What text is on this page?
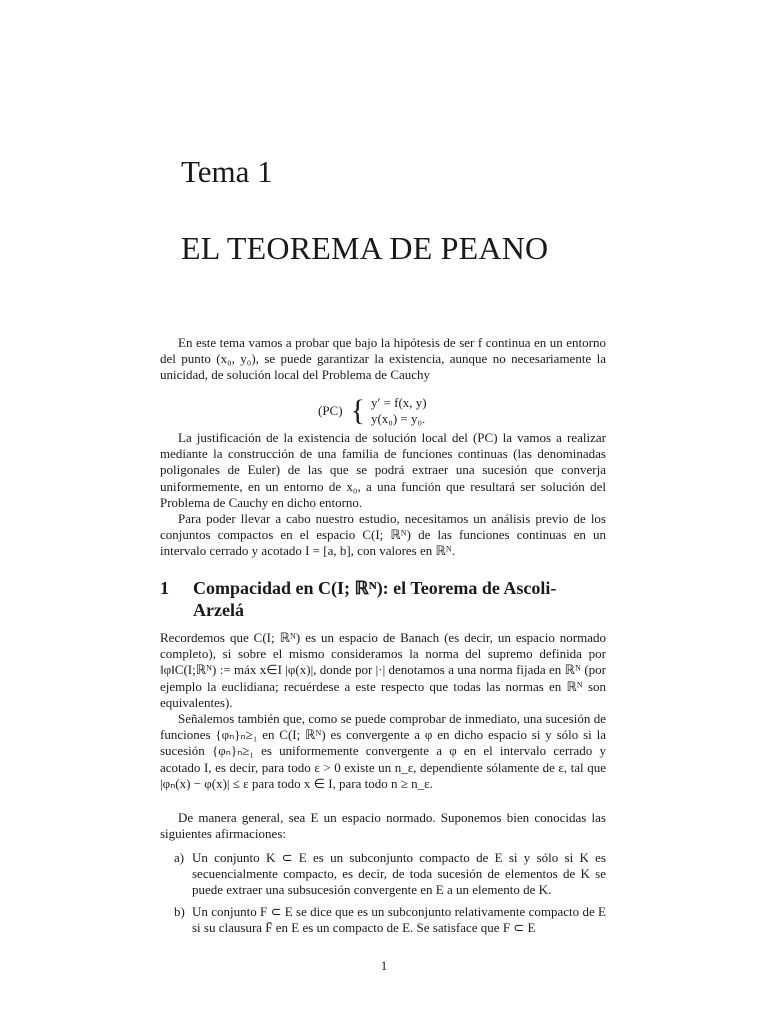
Tema 1
EL TEOREMA DE PEANO

En este tema vamos a probar que bajo la hipótesis de ser f continua en un entorno del punto (x₀, y₀), se puede garantizar la existencia, aunque no necesariamente la unicidad, de solución local del Problema de Cauchy

(PC) { y′ = f(x, y)
y(x₀) = y₀.

La justificación de la existencia de solución local del (PC) la vamos a realizar mediante la construcción de una familia de funciones continuas (las denominadas poligonales de Euler) de las que se podrá extraer una sucesión que converja uniformemente, en un entorno de x₀, a una función que resultará ser solución del Problema de Cauchy en dicho entorno.

Para poder llevar a cabo nuestro estudio, necesitamos un análisis previo de los conjuntos compactos en el espacio C(I; ℝᴺ) de las funciones continuas en un intervalo cerrado y acotado I = [a, b], con valores en ℝᴺ.

1 Compacidad en C(I; ℝᴺ): el Teorema de Ascoli-
Arzelá

Recordemos que C(I; ℝᴺ) es un espacio de Banach (es decir, un espacio normado completo), si sobre el mismo consideramos la norma del supremo definida por ‖φ‖C(I;ℝᴺ) := máx x∈I |φ(x)|, donde por |·| denotamos a una norma fijada en ℝᴺ (por ejemplo la euclidiana; recuérdese a este respecto que todas las normas en ℝᴺ son equivalentes).

Señalemos también que, como se puede comprobar de inmediato, una sucesión de funciones {φₙ}ₙ≥₁ en C(I; ℝᴺ) es convergente a φ en dicho espacio si y sólo si la sucesión {φₙ}ₙ≥₁ es uniformemente convergente a φ en el intervalo cerrado y acotado I, es decir, para todo ε > 0 existe un n_ε, dependiente sólamente de ε, tal que |φₙ(x) − φ(x)| ≤ ε para todo x ∈ I, para todo n ≥ n_ε.

De manera general, sea E un espacio normado. Suponemos bien conocidas las siguientes afirmaciones:

a) Un conjunto K ⊂ E es un subconjunto compacto de E si y sólo si K es secuencialmente compacto, es decir, de toda sucesión de elementos de K se puede extraer una subsucesión convergente en E a un elemento de K.
b) Un conjunto F ⊂ E se dice que es un subconjunto relativamente compacto de E si su clausura F̄ en E es un compacto de E. Se satisface que F ⊂ E
1
